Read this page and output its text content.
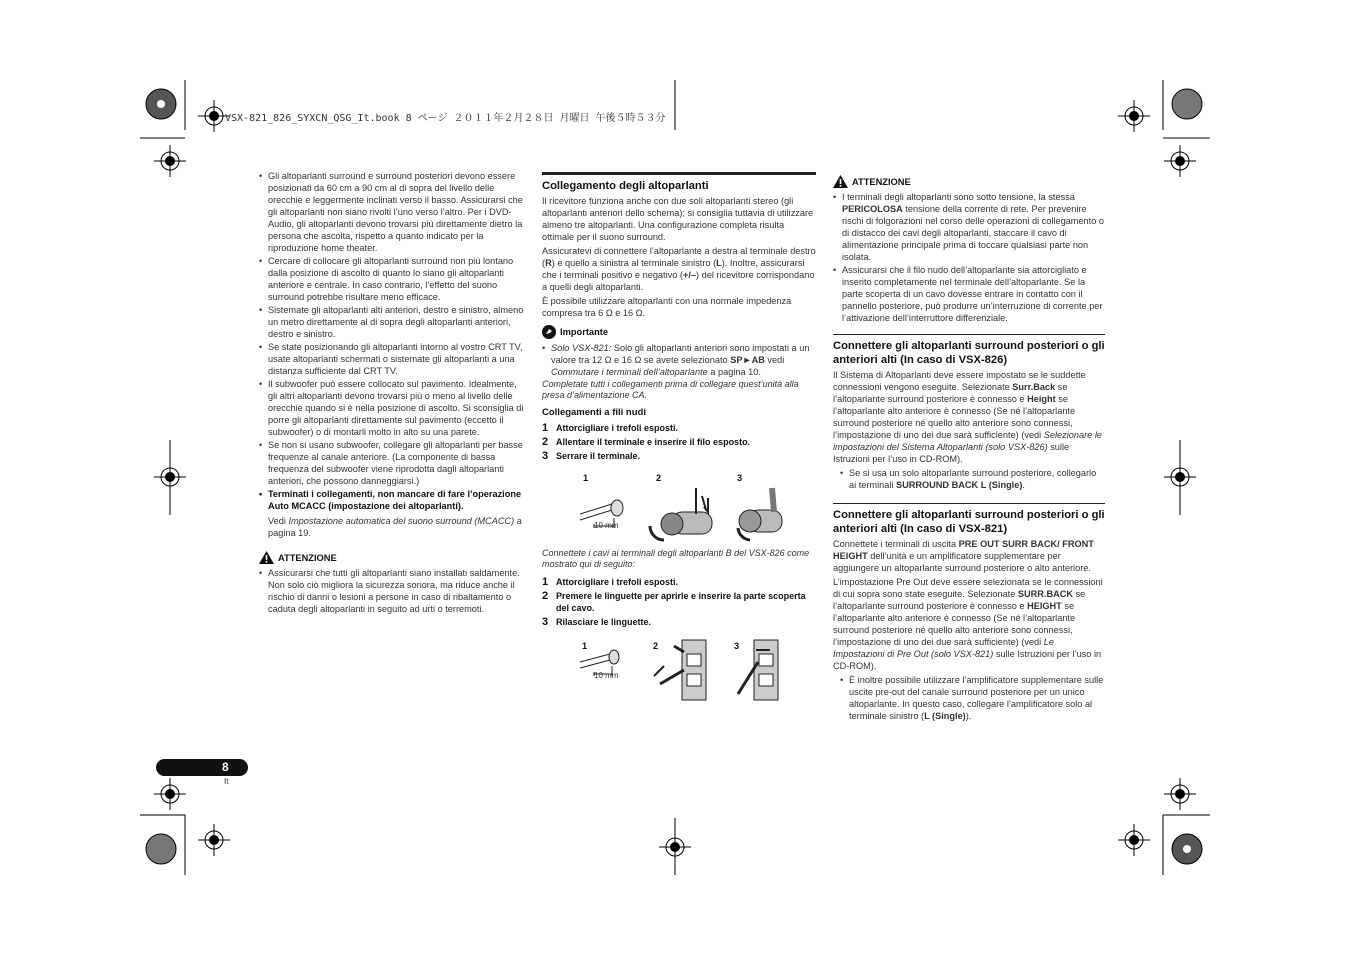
VSX-821_826_SYXCN_QSG_It.book 8 ページ ２０１１年２月２８日 月曜日 午後５時５３分
• Gli altoparlanti surround e surround posteriori devono essere posizionati da 60 cm a 90 cm al di sopra del livello delle orecchie e leggermente inclinati verso il basso. Assicurarsi che gli altoparlanti non siano rivolti l’uno verso l’altro. Per i DVD-Audio, gli altoparlanti devono trovarsi più direttamente dietro la persona che ascolta, rispetto a quanto indicato per la riproduzione home theater.
• Cercare di collocare gli altoparlanti surround non più lontano dalla posizione di ascolto di quanto lo siano gli altoparlanti anteriore e centrale. In caso contrario, l’effetto del suono surround potrebbe risultare meno efficace.
• Sistemate gli altoparlanti alti anteriori, destro e sinistro, almeno un metro direttamente al di sopra degli altoparlanti anteriori, destro e sinistro.
• Se state posizionando gli altoparlanti intorno al vostro CRT TV, usate altoparlanti schermati o sistemate gli altoparlanti a una distanza sufficiente dal CRT TV.
• Il subwoofer può essere collocato sul pavimento. Idealmente, gli altri altoparlanti devono trovarsi più o meno al livello delle orecchie quando si è nella posizione di ascolto. Si sconsiglia di porre gli altoparlanti direttamente sul pavimento (eccetto il subwoofer) o di montarli molto in alto su una parete.
• Se non si usano subwoofer, collegare gli altoparlanti per basse frequenze al canale anteriore. (La componente di bassa frequenza del subwoofer viene riprodotta dagli altoparlanti anteriori, che possono danneggiarsi.)
• Terminati i collegamenti, non mancare di fare l’operazione Auto MCACC (impostazione dei altoparlanti).

Vedi Impostazione automatica del suono surround (MCACC) a pagina 19.

ATTENZIONE
• Assicurarsi che tutti gli altoparlanti siano installati saldamente. Non solo ciò migliora la sicurezza sonora, ma riduce anche il rischio di danni o lesioni a persone in caso di ribaltamento o caduta degli altoparlanti in seguito ad urti o terremoti.
Collegamento degli altoparlanti

Il ricevitore funziona anche con due soli altoparlanti stereo (gli altoparlanti anteriori dello schema); si consiglia tuttavia di utilizzare almeno tre altoparlanti. Una configurazione completa risulta ottimale per il suono surround.

Assicuratevi di connettere l’altoparlante a destra al terminale destro (R) e quello a sinistra al terminale sinistro (L). Inoltre, assicurarsi che i terminali positivo e negativo (+/–) del ricevitore corrispondano a quelli degli altoparlanti.

È possibile utilizzare altoparlanti con una normale impedenza compresa tra 6 Ω e 16 Ω.

Importante
• Solo VSX-821: Solo gli altoparlanti anteriori sono impostati a un valore tra 12 Ω e 16 Ω se avete selezionato SP►AB vedi Commutare i terminali dell’altoparlante a pagina 10.

Completate tutti i collegamenti prima di collegare quest’unità alla presa d’alimentazione CA.

Collegamenti a fili nudi
1 Attorcigliare i trefoli esposti.
2 Allentare il terminale e inserire il filo esposto.
3 Serrare il terminale.
1	2	3
10 mm

Connettete i cavi ai terminali degli altoparlanti B del VSX-826 come mostrato qui di seguito:

1 Attorcigliare i trefoli esposti.
2 Premere le linguette per aprirle e inserire la parte scoperta del cavo.
3 Rilasciare le linguette.
1	2	3
10 mm
ATTENZIONE
• I terminali degli altoparlanti sono sotto tensione, la stessa PERICOLOSA tensione della corrente di rete. Per prevenire rischi di folgorazioni nel corso delle operazioni di collegamento o di distacco dei cavi degli altoparlanti, staccare il cavo di alimentazione principale prima di toccare qualsiasi parte non isolata.
• Assicurarsi che il filo nudo dell’altoparlante sia attorcigliato e inserito completamente nel terminale dell’altoparlante. Se la parte scoperta di un cavo dovesse entrare in contatto con il pannello posteriore, può produrre un’interruzione di corrente per l’attivazione dell’interruttore differenziale.
Connettere gli altoparlanti surround posteriori o gli anteriori alti (In caso di VSX-826)

Il Sistema di Altoparlanti deve essere impostato se le suddette connessioni vengono eseguite. Selezionate Surr.Back se l’altoparlante surround posteriore è connesso e Height se l’altoparlante alto anteriore è connesso (Se né l’altoparlante surround posteriore né quello alto anteriore sono connessi, l’impostazione di uno dei due sarà sufficiente) (vedi Selezionare le impostazioni del Sistema Altoparlanti (solo VSX-826) sulle Istruzioni per l’uso in CD-ROM).

• Se si usa un solo altoparlante surround posteriore, collegarlo ai terminali SURROUND BACK L (Single).
Connettere gli altoparlanti surround posteriori o gli anteriori alti (In caso di VSX-821)

Connettete i terminali di uscita PRE OUT SURR BACK/ FRONT HEIGHT dell’unità e un amplificatore supplementare per aggiungere un altoparlante surround posteriore o alto anteriore.

L’impostazione Pre Out deve essere selezionata se le connessioni di cui sopra sono state eseguite. Selezionate SURR.BACK se l’altoparlante surround posteriore è connesso e HEIGHT se l’altoparlante alto anteriore è connesso (Se né l’altoparlante surround posteriore né quello alto anteriore sono connessi, l’impostazione di uno dei due sarà sufficiente) (vedi Le Impostazioni di Pre Out (solo VSX-821) sulle Istruzioni per l’uso in CD-ROM).

• È inoltre possibile utilizzare l’amplificatore supplementare sulle uscite pre-out del canale surround posteriore per un unico altoparlante. In questo caso, collegare l’amplificatore solo al terminale sinistro (L (Single)).
8
It
